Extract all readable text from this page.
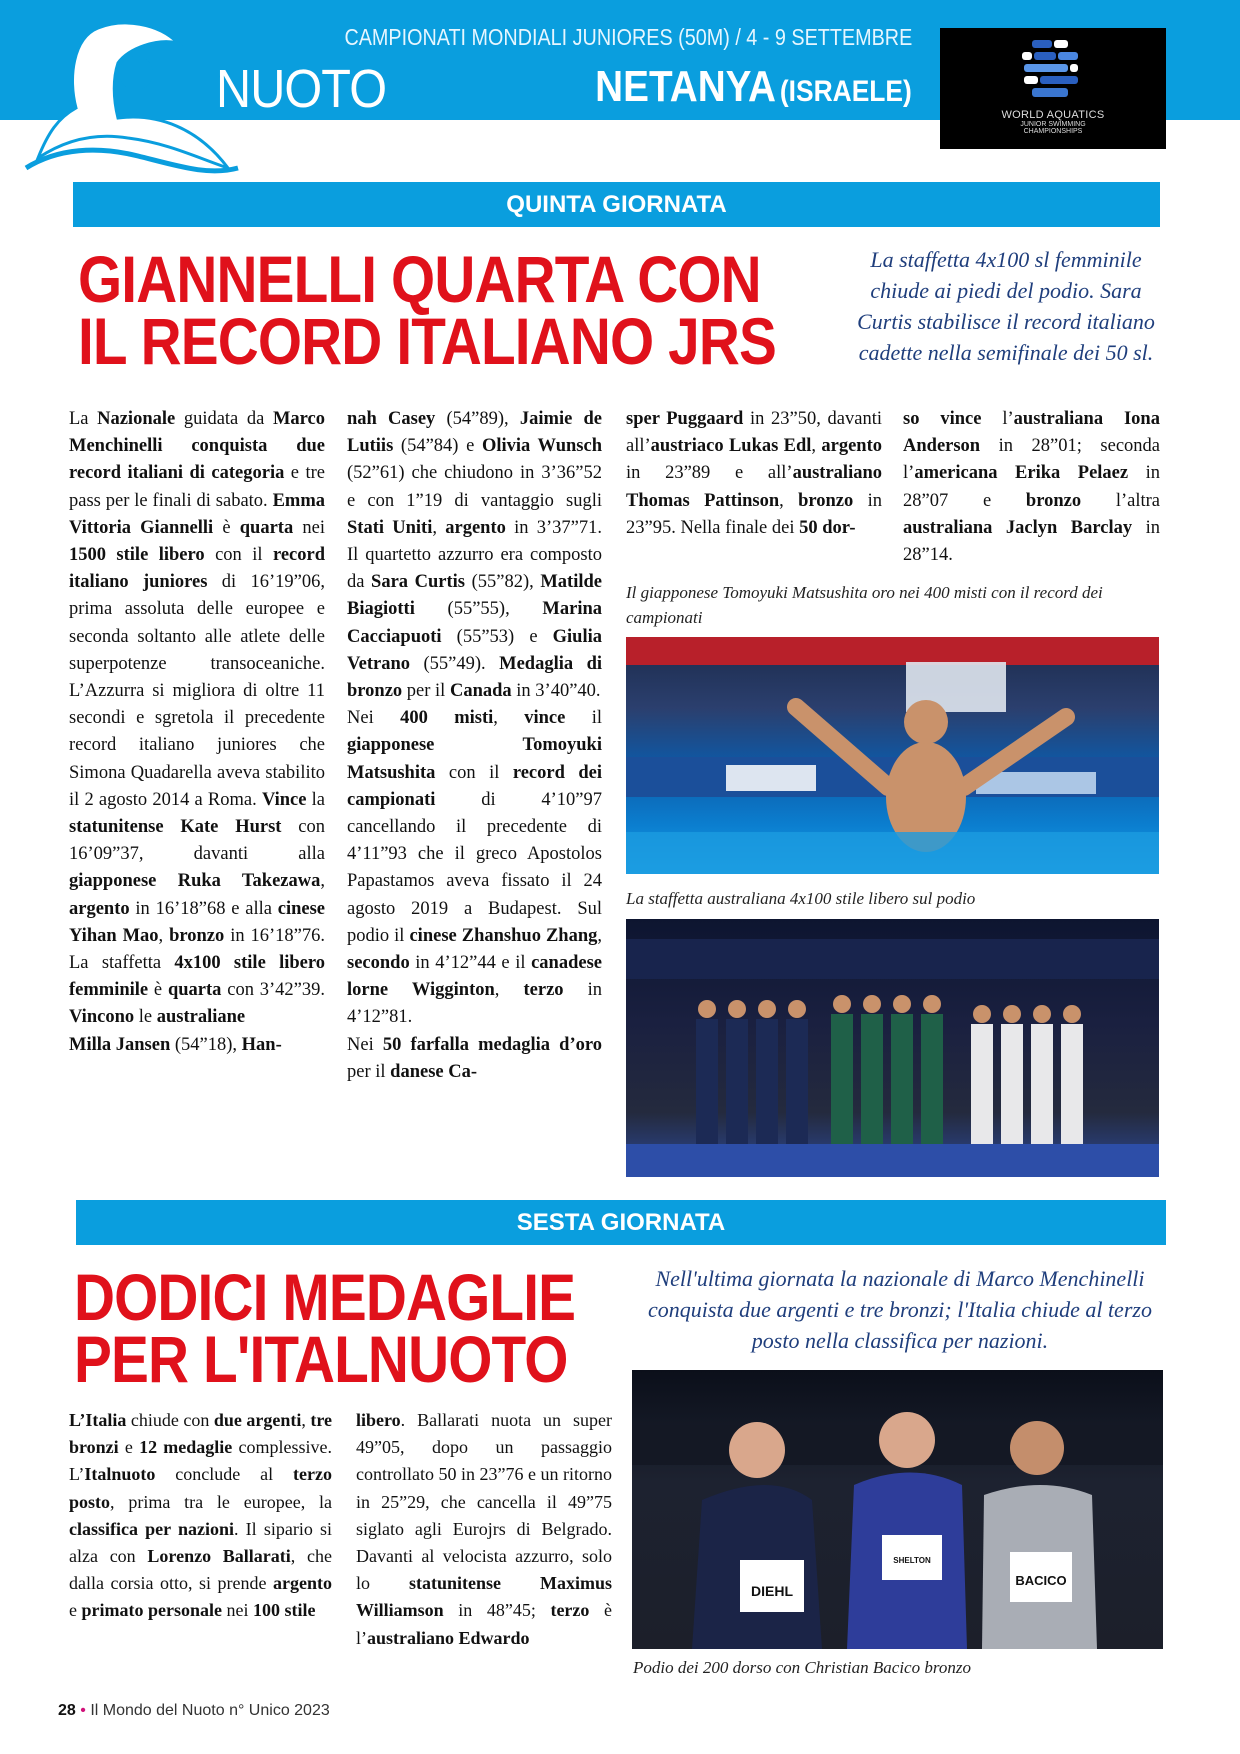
NUOTO
CAMPIONATI MONDIALI JUNIORES (50M) / 4 - 9 SETTEMBRE
NETANYA (ISRAELE)
WORLD AQUATICS
JUNIOR SWIMMING
CHAMPIONSHIPS
QUINTA GIORNATA
GIANNELLI QUARTA CON
IL RECORD ITALIANO JRS
La staffetta 4x100 sl femminile chiude ai piedi del podio. Sara Curtis stabilisce il record italiano cadette nella semifinale dei 50 sl.

La Nazionale guidata da Marco Menchinelli conquista due record italiani di categoria e tre pass per le finali di sabato. Emma Vittoria Giannelli è quarta nei 1500 stile libero con il record italiano juniores di 16’19”06, prima assoluta delle europee e seconda soltanto alle atlete delle superpotenze transoceaniche. L’Azzurra si migliora di oltre 11 secondi e sgretola il precedente record italiano juniores che Simona Quadarella aveva stabilito il 2 agosto 2014 a Roma. Vince la statunitense Kate Hurst con 16’09”37, davanti alla giapponese Ruka Takezawa, argento in 16’18”68 e alla cinese Yihan Mao, bronzo in 16’18”76. La staffetta 4x100 stile libero femminile è quarta con 3’42”39. Vincono le australiane

Milla Jansen (54”18), Han-

nah Casey (54”89), Jaimie de Lutiis (54”84) e Olivia Wunsch (52”61) che chiudono in 3’36”52 e con 1”19 di vantaggio sugli Stati Uniti, argento in 3’37”71. Il quartetto azzurro era composto da Sara Curtis (55”82), Matilde Biagiotti (55”55), Marina Cacciapuoti (55”53) e Giulia Vetrano (55”49). Medaglia di bronzo per il Canada in 3’40”40.

Nei 400 misti, vince il giapponese Tomoyuki Matsushita con il record dei campionati di 4’10”97 cancellando il precedente di 4’11”93 che il greco Apostolos Papastamos aveva fissato il 24 agosto 2019 a Budapest. Sul podio il cinese Zhanshuo Zhang, secondo in 4’12”44 e il canadese lorne Wigginton, terzo in 4’12”81.

Nei 50 farfalla medaglia d’oro per il danese Ca-

sper Puggaard in 23”50, davanti all’austriaco Lukas Edl, argento in 23”89 e all’australiano Thomas Pattinson, bronzo in 23”95. Nella finale dei 50 dor-

so vince l’australiana Iona Anderson in 28”01; seconda l’americana Erika Pelaez in 28”07 e bronzo l’altra australiana Jaclyn Barclay in 28”14.

Il giapponese Tomoyuki Matsushita oro nei 400 misti con il record dei campionati
La staffetta australiana 4x100 stile libero sul podio
SESTA GIORNATA
DODICI MEDAGLIE
PER L'ITALNUOTO
Nell'ultima giornata la nazionale di Marco Menchinelli conquista due argenti e tre bronzi; l'Italia chiude al terzo posto nella classifica per nazioni.

L’Italia chiude con due argenti, tre bronzi e 12 medaglie complessive. L’Italnuoto conclude al terzo posto, prima tra le europee, la classifica per nazioni. Il sipario si alza con Lorenzo Ballarati, che dalla corsia otto, si prende argento e primato personale nei 100 stile

libero. Ballarati nuota un super 49”05, dopo un passaggio controllato 50 in 23”76 e un ritorno in 25”29, che cancella il 49”75 siglato agli Eurojrs di Belgrado. Davanti al velocista azzurro, solo lo statunitense Maximus Williamson in 48”45; terzo è l’australiano Edwardo

DIEHL
SHELTON
BACICO
Podio dei 200 dorso con Christian Bacico bronzo
28 • Il Mondo del Nuoto n° Unico 2023
